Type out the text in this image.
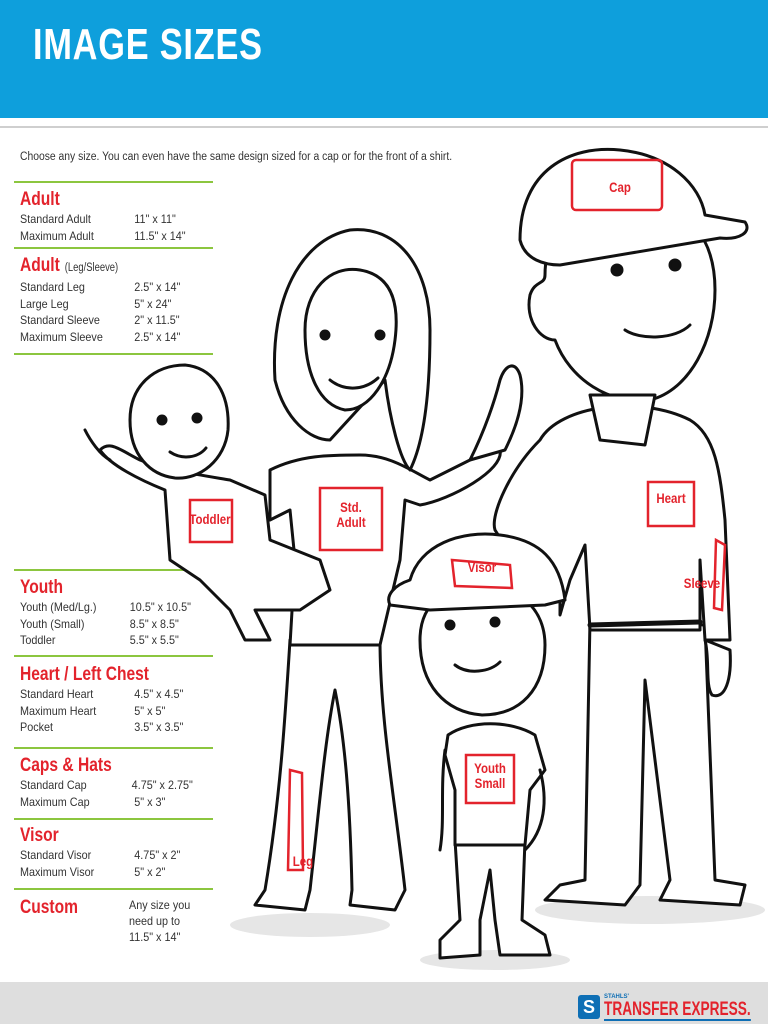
IMAGE SIZES
Choose any size. You can even have the same design sized for a cap or for the front of a shirt.
Adult
Standard Adult	11" x 11"
Maximum Adult	11.5" x 14"
Adult (Leg/Sleeve)
Standard Leg	2.5" x 14"
Large Leg	5" x 24"
Standard Sleeve	2" x 11.5"
Maximum Sleeve	2.5" x 14"
Youth
Youth (Med/Lg.)	10.5" x 10.5"
Youth (Small)	8.5" x 8.5"
Toddler	5.5" x 5.5"
Heart / Left Chest
Standard Heart	4.5" x 4.5"
Maximum Heart	5" x 5"
Pocket	3.5" x 3.5"
Caps & Hats
Standard Cap	4.75" x 2.75"
Maximum Cap	5" x 3"
Visor
Standard Visor	4.75" x 2"
Maximum Visor	5" x 2"
Custom	Any size you need up to 11.5" x 14"
Cap
Std. Adult
Heart
Sleeve
Toddler
Visor
Youth Small
Leg
S
STAHLS'
TRANSFER EXPRESS.
